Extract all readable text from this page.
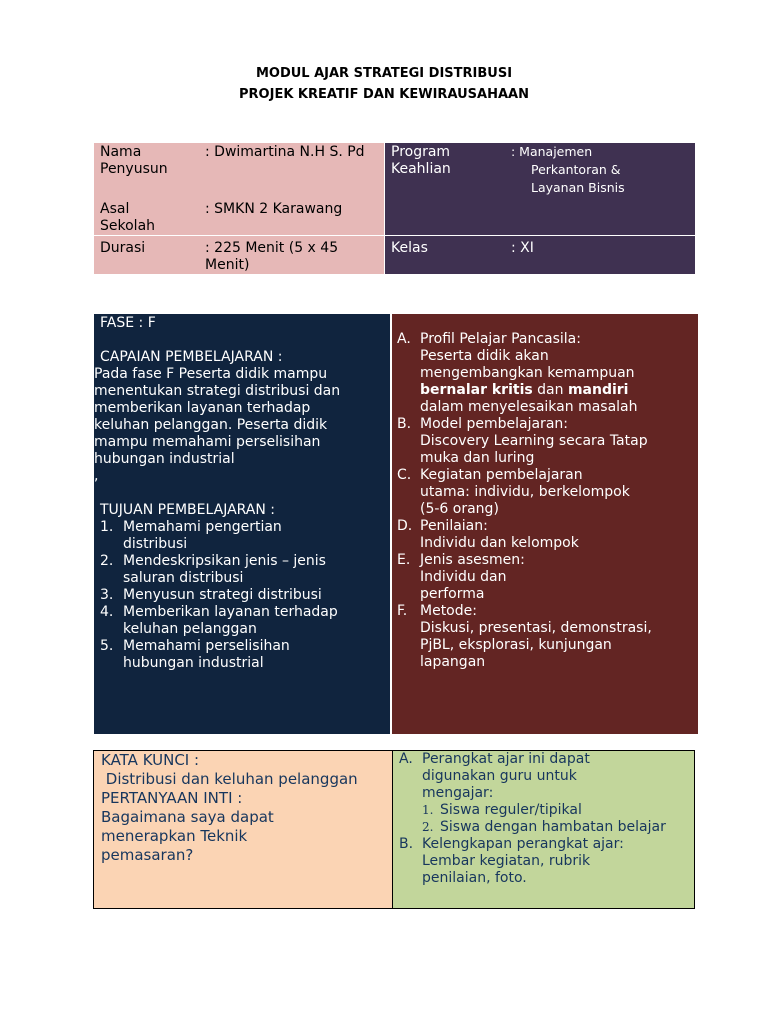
MODUL AJAR STRATEGI DISTRIBUSI
PROJEK KREATIF DAN KEWIRAUSAHAAN
Nama
Penyusun
: Dwimartina N.H S. Pd
Asal
Sekolah
: SMKN 2 Karawang
Durasi	: 225 Menit (5 x 45
Menit)
Program
Keahlian
: Manajemen
Perkantoran &
Layanan Bisnis
Kelas	: XI
FASE : F
CAPAIAN PEMBELAJARAN :
Pada fase F Peserta didik mampu
menentukan strategi distribusi dan
memberikan layanan terhadap
keluhan pelanggan. Peserta didik
mampu memahami perselisihan
hubungan industrial
,
TUJUAN PEMBELAJARAN :
1. Memahami pengertian
distribusi
2. Mendeskripsikan jenis – jenis
saluran distribusi
3. Menyusun strategi distribusi
4. Memberikan layanan terhadap
keluhan pelanggan
5. Memahami perselisihan
hubungan industrial
A. Profil Pelajar Pancasila:
Peserta didik akan
mengembangkan kemampuan
bernalar kritis dan mandiri
dalam menyelesaikan masalah
B. Model pembelajaran:
Discovery Learning secara Tatap
muka dan luring
C. Kegiatan pembelajaran
utama: individu, berkelompok
(5-6 orang)
D. Penilaian:
Individu dan kelompok
E. Jenis asesmen:
Individu dan
performa
F. Metode:
Diskusi, presentasi, demonstrasi,
PjBL, eksplorasi, kunjungan
lapangan
KATA KUNCI :
Distribusi dan keluhan pelanggan
PERTANYAAN INTI :
Bagaimana saya dapat
menerapkan Teknik
pemasaran?
A. Perangkat ajar ini dapat
digunakan guru untuk
mengajar:
1. Siswa reguler/tipikal
2. Siswa dengan hambatan belajar
B. Kelengkapan perangkat ajar:
Lembar kegiatan, rubrik
penilaian, foto.
